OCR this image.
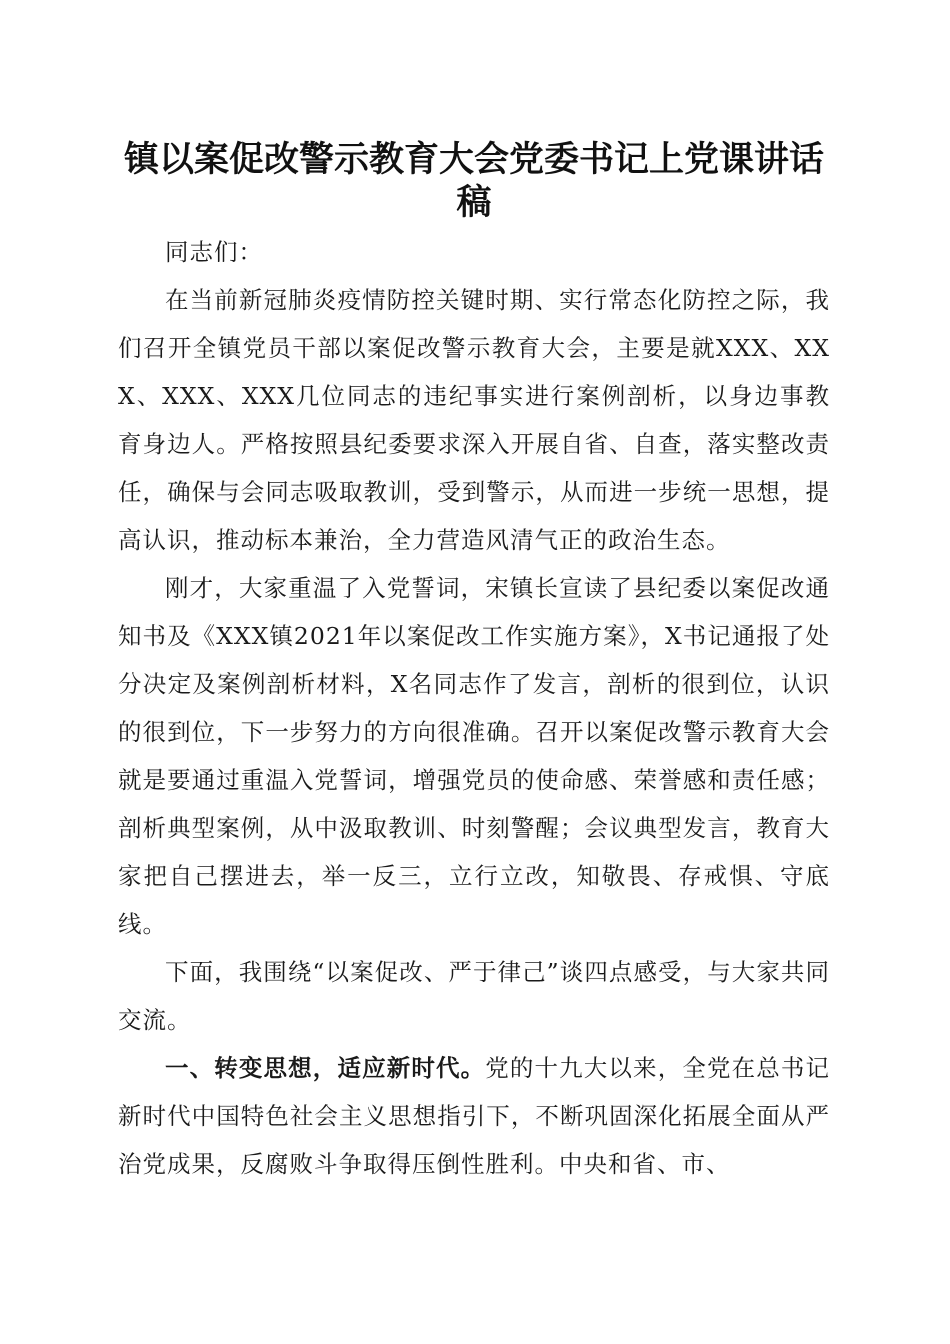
镇以案促改警示教育大会党委书记上党课讲话稿

同志们：

在当前新冠肺炎疫情防控关键时期、实行常态化防控之际，我们召开全镇党员干部以案促改警示教育大会，主要是就XXX、XXX、XXX、XXX几位同志的违纪事实进行案例剖析，以身边事教育身边人。严格按照县纪委要求深入开展自省、自查，落实整改责任，确保与会同志吸取教训，受到警示，从而进一步统一思想，提高认识，推动标本兼治，全力营造风清气正的政治生态。

刚才，大家重温了入党誓词，宋镇长宣读了县纪委以案促改通知书及《XXX镇2021年以案促改工作实施方案》，X书记通报了处分决定及案例剖析材料，X名同志作了发言，剖析的很到位，认识的很到位，下一步努力的方向很准确。召开以案促改警示教育大会就是要通过重温入党誓词，增强党员的使命感、荣誉感和责任感；剖析典型案例，从中汲取教训、时刻警醒；会议典型发言，教育大家把自己摆进去，举一反三，立行立改，知敬畏、存戒惧、守底线。

下面，我围绕“以案促改、严于律己”谈四点感受，与大家共同交流。

一、转变思想，适应新时代。党的十九大以来，全党在总书记新时代中国特色社会主义思想指引下，不断巩固深化拓展全面从严治党成果，反腐败斗争取得压倒性胜利。中央和省、市、
